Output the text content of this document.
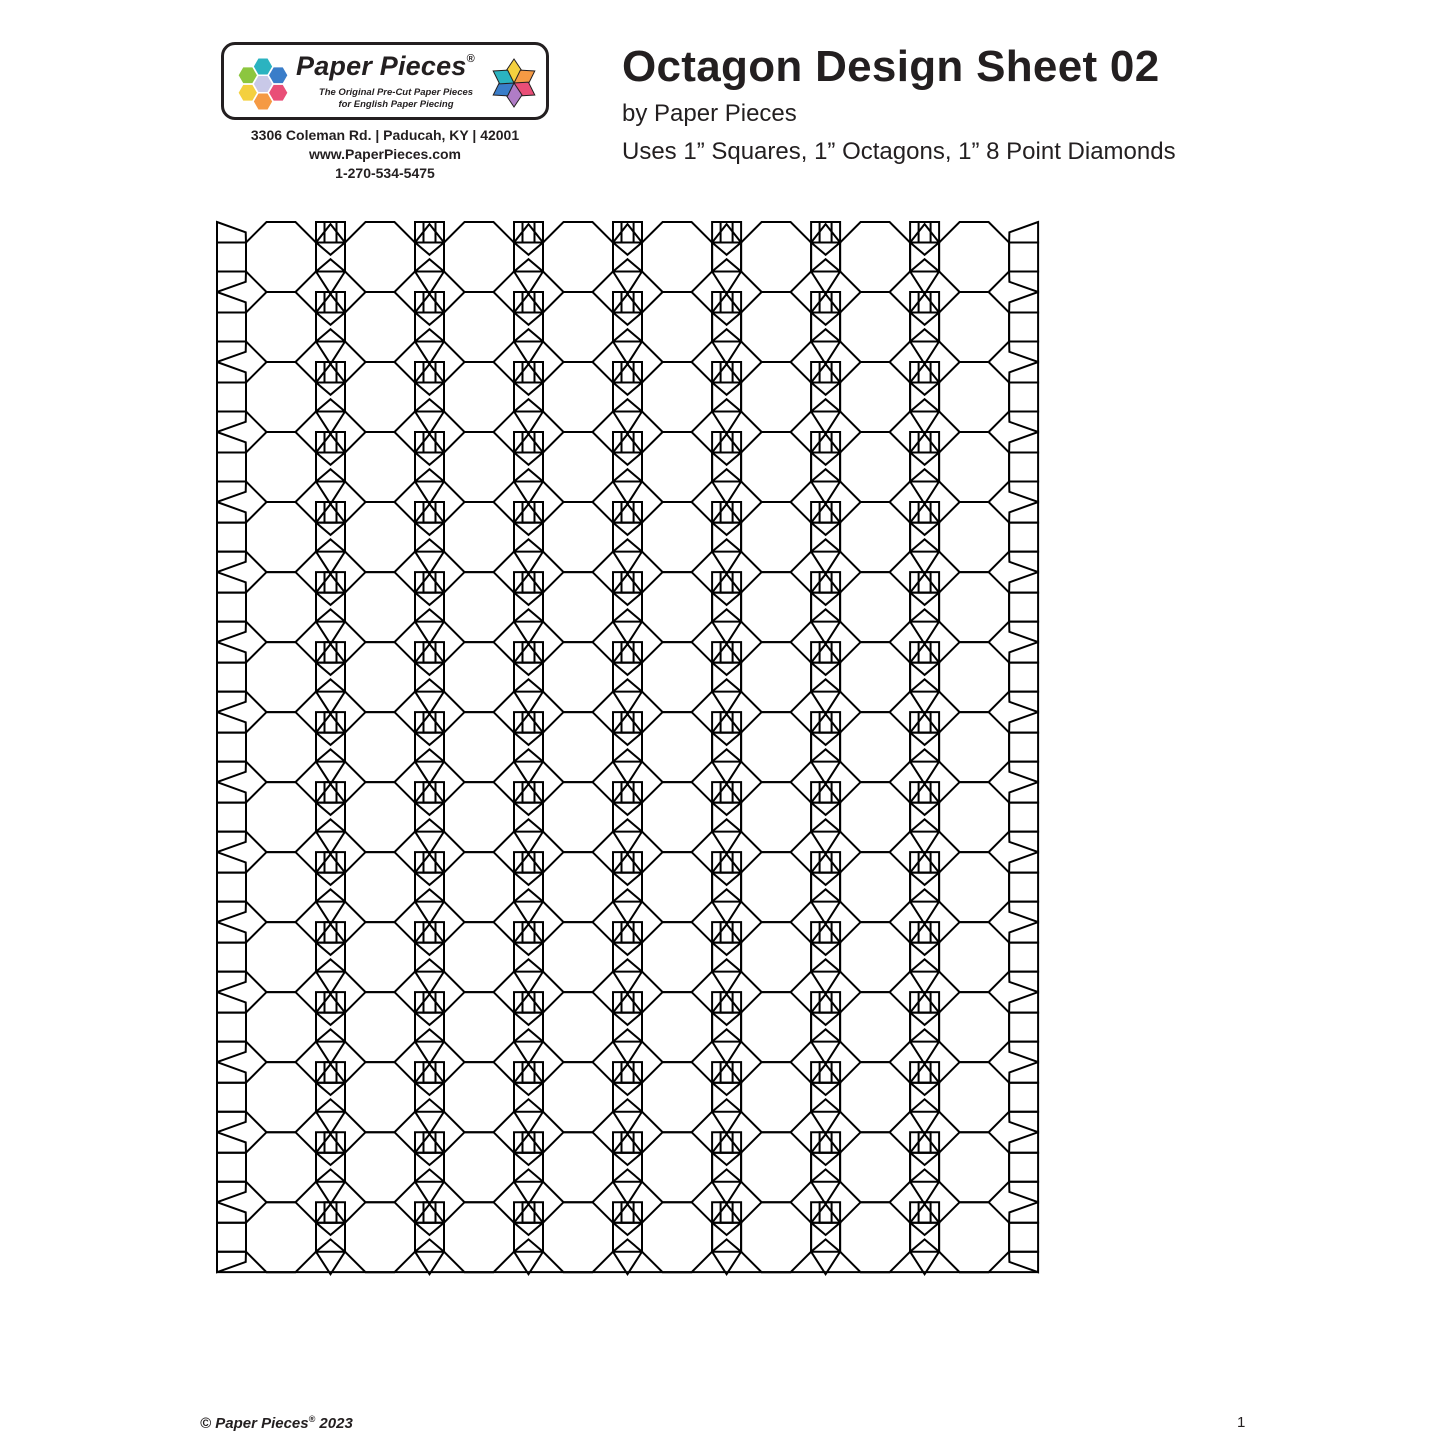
Paper Pieces®
The Original Pre-Cut Paper Pieces
for English Paper Piecing
3306 Coleman Rd. | Paducah, KY | 42001
www.PaperPieces.com
1-270-534-5475
Octagon Design Sheet 02
by Paper Pieces
Uses 1” Squares, 1” Octagons, 1” 8 Point Diamonds
© Paper Pieces® 2023	1
